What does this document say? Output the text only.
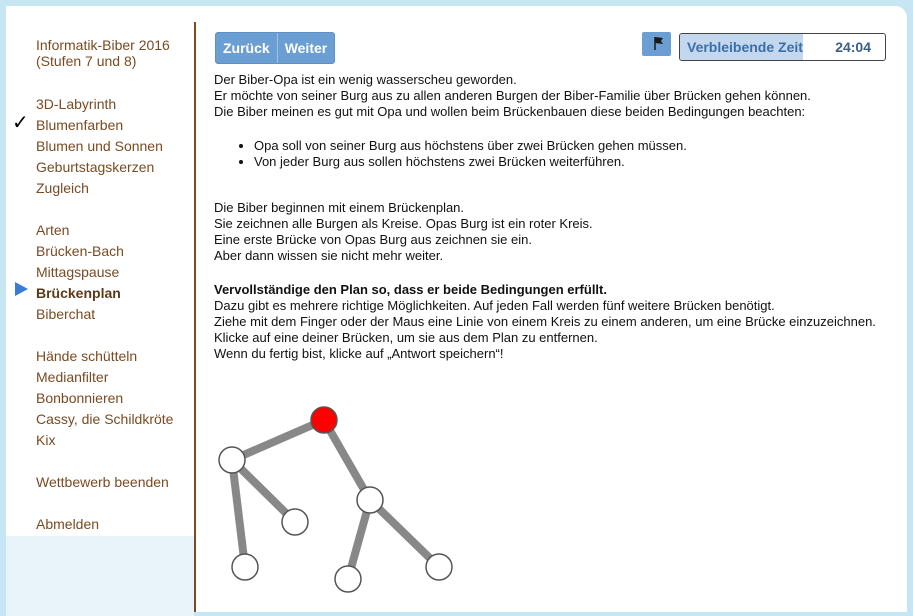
Informatik-Biber 2016 (Stufen 7 und 8)
✓
3D-Labyrinth
Blumenfarben
Blumen und Sonnen
Geburtstagskerzen
Zugleich
Arten
Brücken-Bach
Mittagspause
Brückenplan
Biberchat
Hände schütteln
Medianfilter
Bonbonnieren
Cassy, die Schildkröte
Kix
Wettbewerb beenden
Abmelden
Zurück	Weiter	Verbleibende Zeit 24:04

Der Biber-Opa ist ein wenig wasserscheu geworden.

Er möchte von seiner Burg aus zu allen anderen Burgen der Biber-Familie über Brücken gehen können.

Die Biber meinen es gut mit Opa und wollen beim Brückenbauen diese beiden Bedingungen beachten:

• Opa soll von seiner Burg aus höchstens über zwei Brücken gehen müssen.
• Von jeder Burg aus sollen höchstens zwei Brücken weiterführen.

Die Biber beginnen mit einem Brückenplan.

Sie zeichnen alle Burgen als Kreise. Opas Burg ist ein roter Kreis.

Eine erste Brücke von Opas Burg aus zeichnen sie ein.

Aber dann wissen sie nicht mehr weiter.

Vervollständige den Plan so, dass er beide Bedingungen erfüllt.

Dazu gibt es mehrere richtige Möglichkeiten. Auf jeden Fall werden fünf weitere Brücken benötigt.

Ziehe mit dem Finger oder der Maus eine Linie von einem Kreis zu einem anderen, um eine Brücke einzuzeichnen.

Klicke auf eine deiner Brücken, um sie aus dem Plan zu entfernen.

Wenn du fertig bist, klicke auf „Antwort speichern“!
